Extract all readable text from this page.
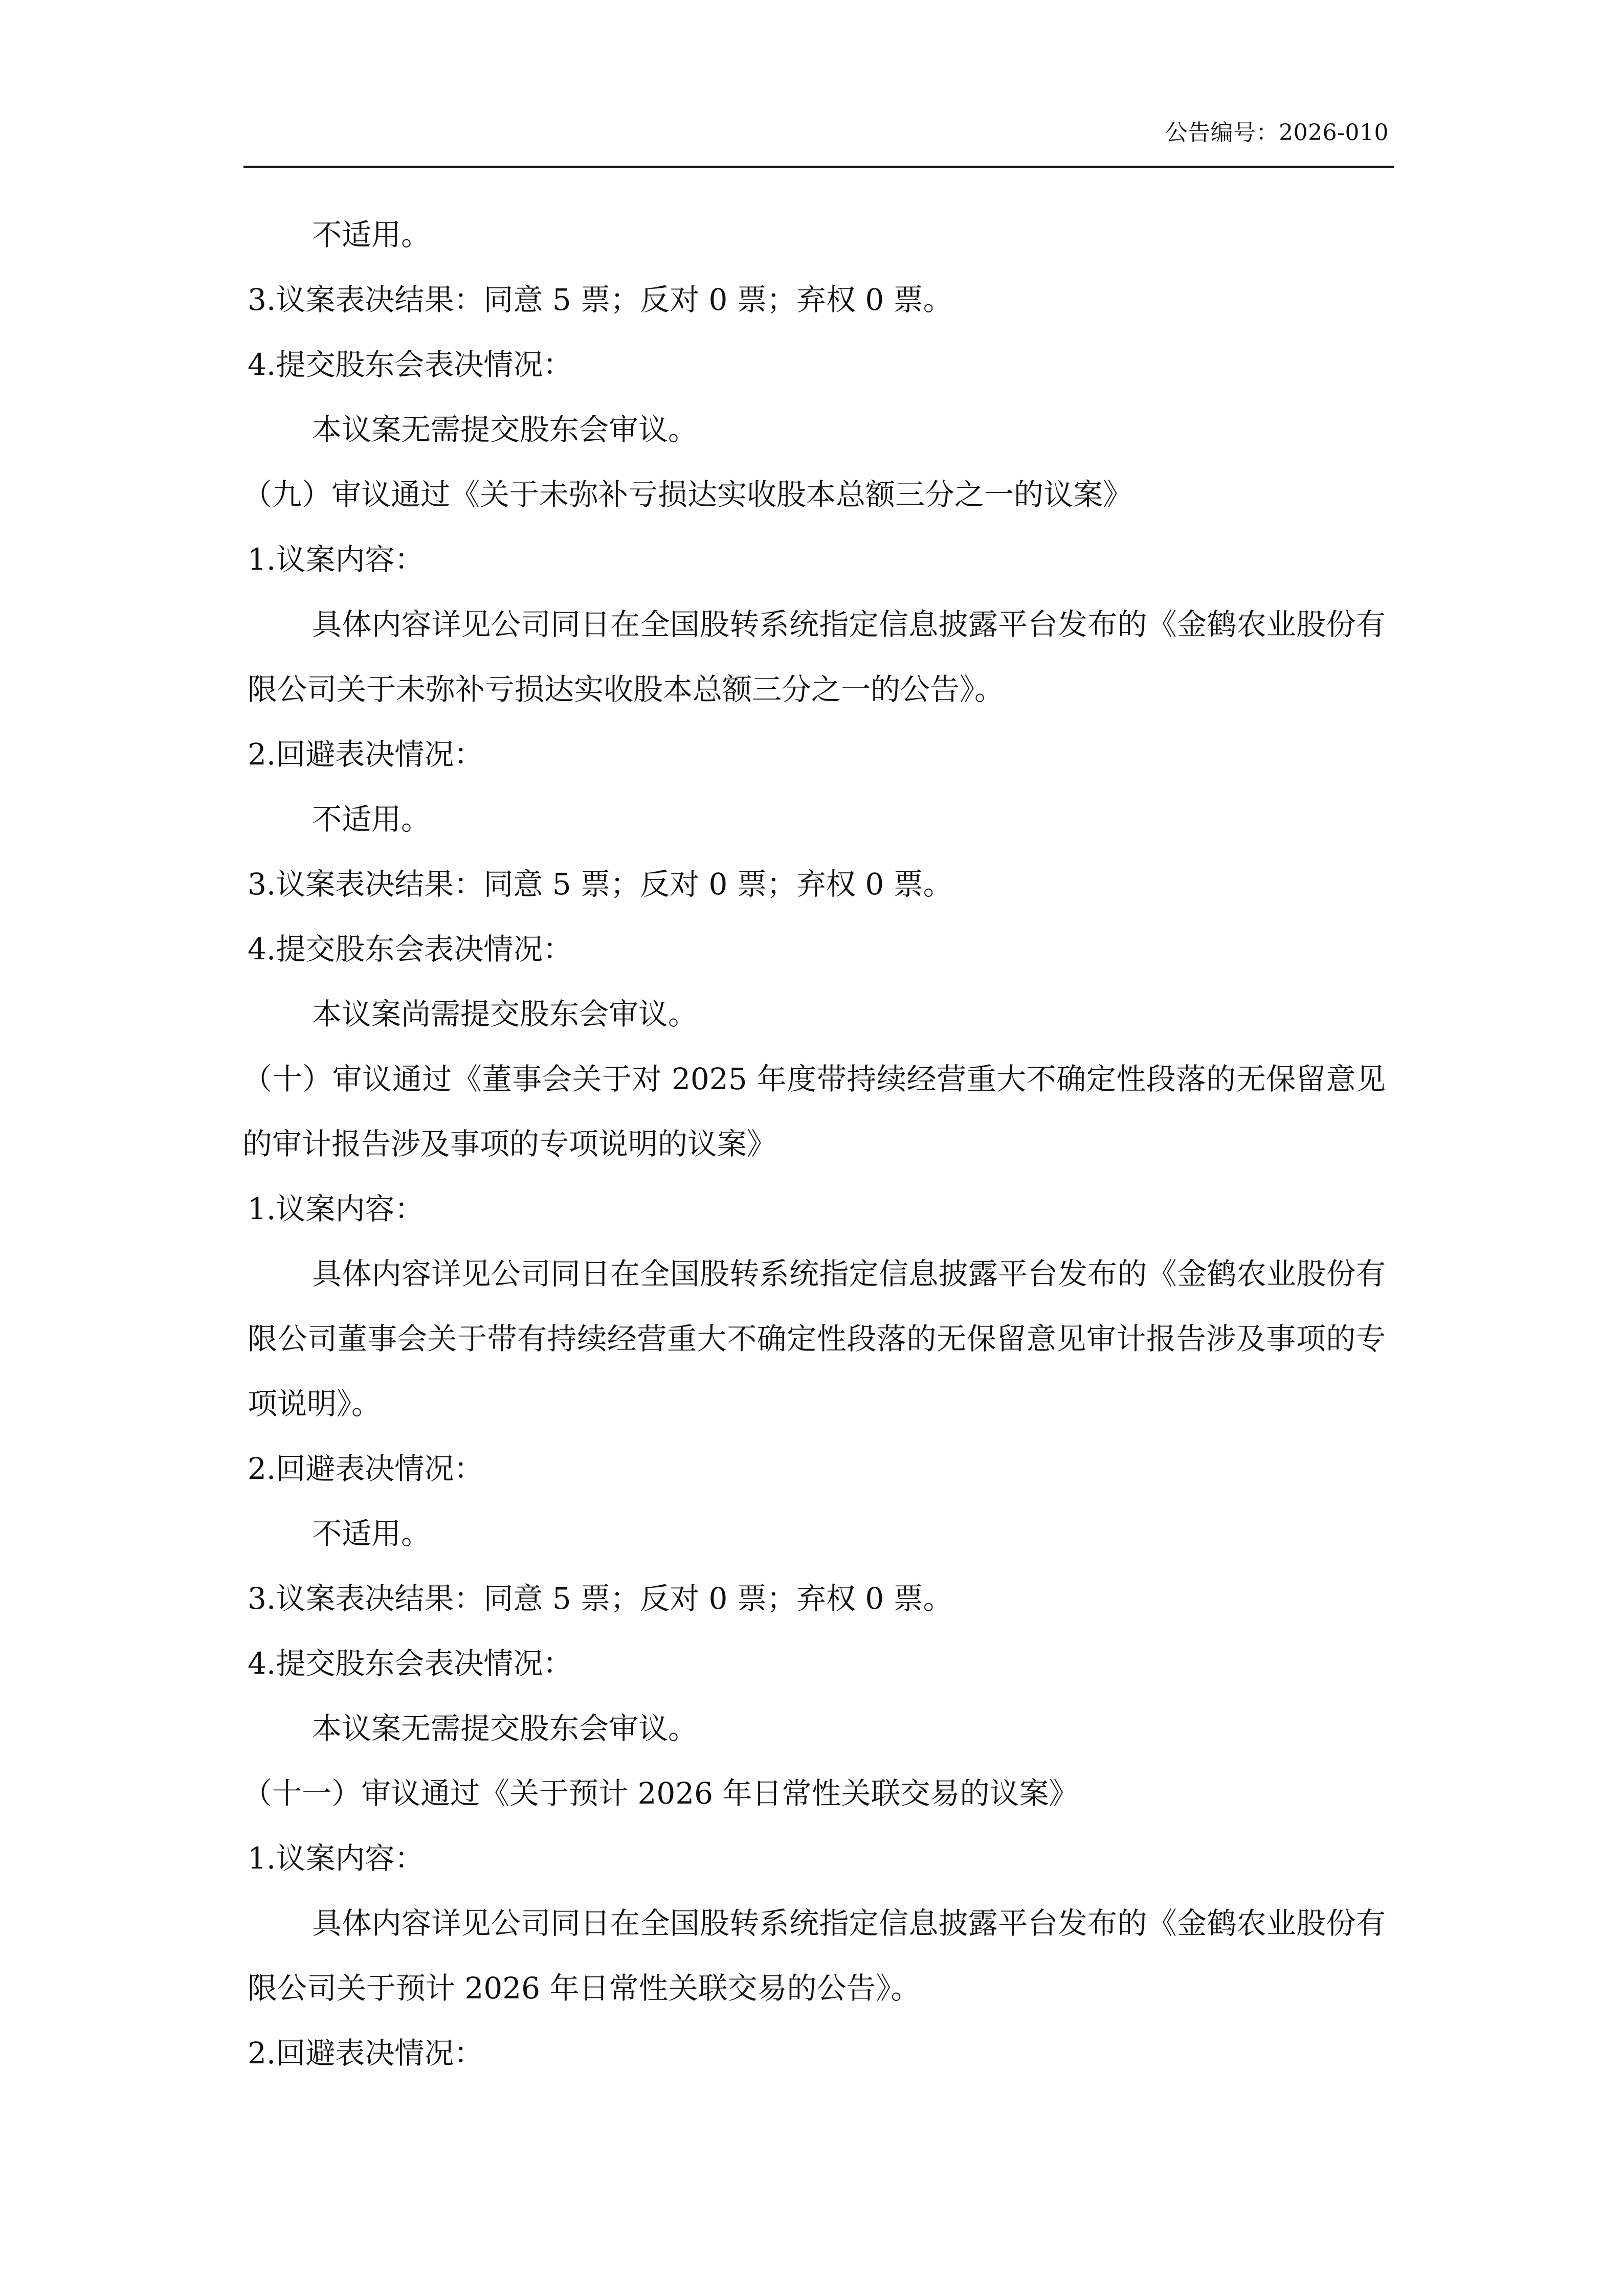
公告编号：2026-010

不适用。

3.议案表决结果：同意 5 票；反对 0 票；弃权 0 票。

4.提交股东会表决情况：

本议案无需提交股东会审议。

（九）审议通过《关于未弥补亏损达实收股本总额三分之一的议案》

1.议案内容：

具体内容详见公司同日在全国股转系统指定信息披露平台发布的《金鹤农业股份有限公司关于未弥补亏损达实收股本总额三分之一的公告》。

2.回避表决情况：

不适用。

3.议案表决结果：同意 5 票；反对 0 票；弃权 0 票。

4.提交股东会表决情况：

本议案尚需提交股东会审议。

（十）审议通过《董事会关于对 2025 年度带持续经营重大不确定性段落的无保留意见的审计报告涉及事项的专项说明的议案》

1.议案内容：

具体内容详见公司同日在全国股转系统指定信息披露平台发布的《金鹤农业股份有限公司董事会关于带有持续经营重大不确定性段落的无保留意见审计报告涉及事项的专项说明》。

2.回避表决情况：

不适用。

3.议案表决结果：同意 5 票；反对 0 票；弃权 0 票。

4.提交股东会表决情况：

本议案无需提交股东会审议。

（十一）审议通过《关于预计 2026 年日常性关联交易的议案》

1.议案内容：

具体内容详见公司同日在全国股转系统指定信息披露平台发布的《金鹤农业股份有限公司关于预计 2026 年日常性关联交易的公告》。

2.回避表决情况：
